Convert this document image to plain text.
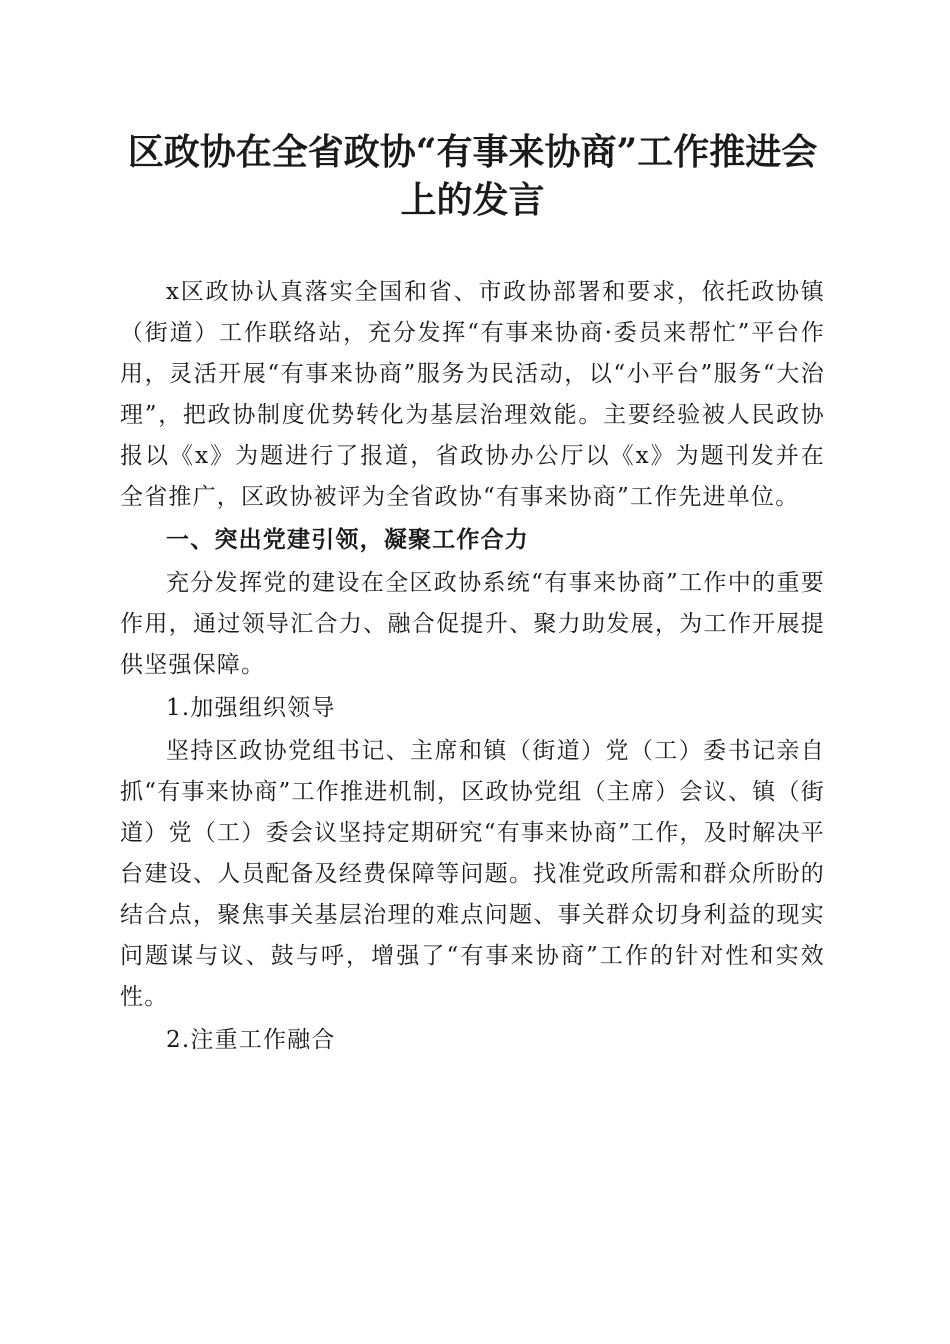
区政协在全省政协“有事来协商”工作推进会
上的发言

x区政协认真落实全国和省、市政协部署和要求，依托政协镇（街道）工作联络站，充分发挥“有事来协商·委员来帮忙”平台作用，灵活开展“有事来协商”服务为民活动，以“小平台”服务“大治理”，把政协制度优势转化为基层治理效能。主要经验被人民政协报以《x》为题进行了报道，省政协办公厅以《x》为题刊发并在全省推广，区政协被评为全省政协“有事来协商”工作先进单位。

一、突出党建引领，凝聚工作合力

充分发挥党的建设在全区政协系统“有事来协商”工作中的重要作用，通过领导汇合力、融合促提升、聚力助发展，为工作开展提供坚强保障。

1.加强组织领导

坚持区政协党组书记、主席和镇（街道）党（工）委书记亲自抓“有事来协商”工作推进机制，区政协党组（主席）会议、镇（街道）党（工）委会议坚持定期研究“有事来协商”工作，及时解决平台建设、人员配备及经费保障等问题。找准党政所需和群众所盼的结合点，聚焦事关基层治理的难点问题、事关群众切身利益的现实问题谋与议、鼓与呼，增强了“有事来协商”工作的针对性和实效性。

2.注重工作融合
